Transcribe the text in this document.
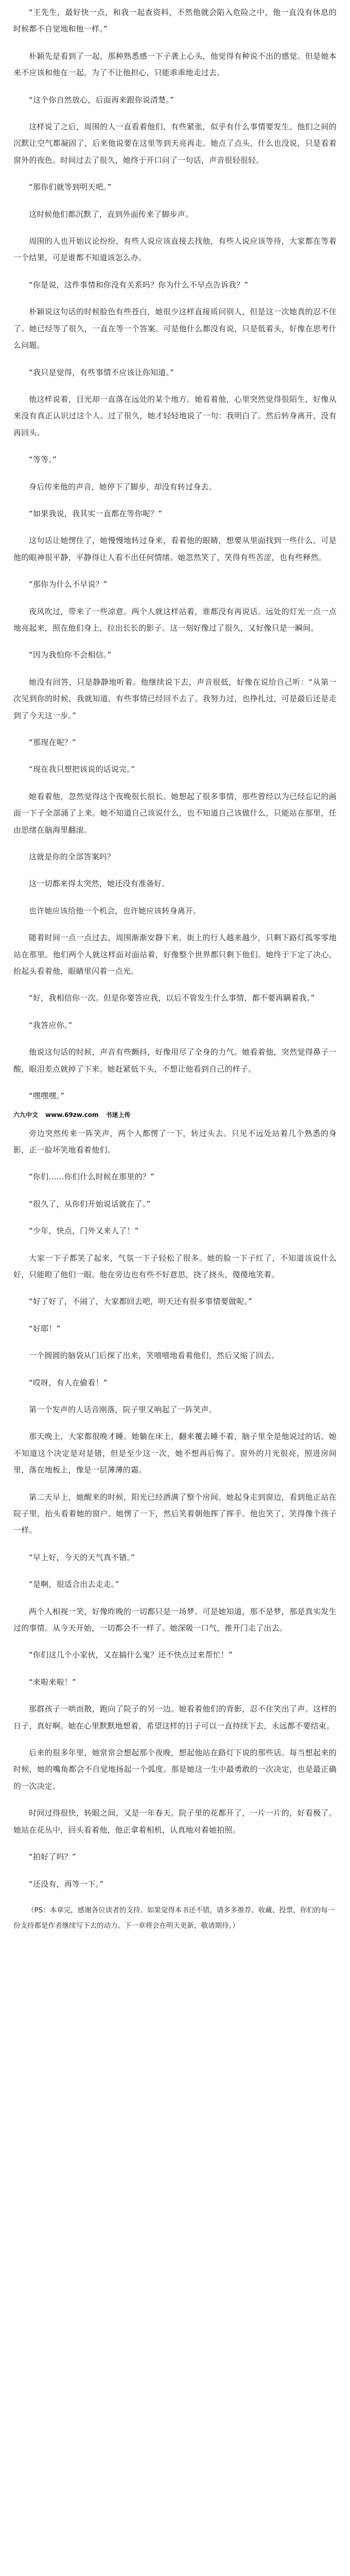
“王先生，最好快一点，和我一起查资料，不然他就会陷入危险之中，他一直没有休息的时候都不自觉地和他一样。”

朴颖先是看到了一起，那种熟悉感一下子袭上心头，他觉得有种说不出的感觉。但是她本来不应该和他在一起。为了不让他担心，只能乖乖地走过去。

“这个你自然放心，后面再来跟你说清楚。”

这样说了之后，周围的人一直看着他们，有些紧张，似乎有什么事情要发生。他们之间的沉默让空气都凝固了，后来他说要在这里等到天亮再走。她点了点头，什么也没说，只是看着窗外的夜色。时间过去了很久，她终于开口问了一句话，声音很轻很轻。

“那你们就等到明天吧。”

这时候他们都沉默了，直到外面传来了脚步声。

周围的人也开始议论纷纷，有些人说应该直接去找他，有些人说应该等待，大家都在等着一个结果，可是谁都不知道该怎么办。

“你是说，这件事情和你没有关系吗？你为什么不早点告诉我？”

朴颖说这句话的时候脸色有些苍白，她很少这样直接质问别人，但是这一次她真的忍不住了。她已经等了很久，一直在等一个答案。可是他什么都没有说，只是低着头，好像在思考什么问题。

“我只是觉得，有些事情不应该让你知道。”

他这样说着，目光却一直落在远处的某个地方。她看着他，心里突然觉得很陌生，好像从来没有真正认识过这个人。过了很久，她才轻轻地说了一句：我明白了。然后转身离开，没有再回头。

“等等。”

身后传来他的声音，她停下了脚步，却没有转过身去。

“如果我说，我其实一直都在等你呢？”

这句话让她愣住了，她慢慢地转过身来，看着他的眼睛，想要从里面找到一些什么。可是他的眼神很平静，平静得让人看不出任何情绪。她忽然笑了，笑得有些苦涩，也有些释然。

“那你为什么不早说？”

夜风吹过，带来了一些凉意。两个人就这样站着，谁都没有再说话。远处的灯光一点一点地亮起来，照在他们身上，拉出长长的影子。这一刻好像过了很久，又好像只是一瞬间。

“因为我怕你不会相信。”

她没有回答，只是静静地听着。他继续说下去，声音很低，好像在说给自己听：“从第一次见到你的时候，我就知道，有些事情已经回不去了。我努力过，也挣扎过，可是最后还是走到了今天这一步。”

“那现在呢？”

“现在我只想把该说的话说完。”

她看着他，忽然觉得这个夜晚很长很长。她想起了很多事情，那些曾经以为已经忘记的画面一下子全部涌了上来。她不知道自己该说什么，也不知道自己该做什么，只能站在那里，任由思绪在脑海里翻滚。

这就是你的全部答案吗？

这一切都来得太突然，她还没有准备好。

也许她应该给他一个机会，也许她应该转身离开。

随着时间一点一点过去，周围渐渐安静下来。街上的行人越来越少，只剩下路灯孤零零地站在那里。他们两个人就这样面对面站着，好像整个世界都只剩下他们。她终于下定了决心，抬起头看着他，眼睛里闪着一点光。

“好，我相信你一次。但是你要答应我，以后不管发生什么事情，都不要再瞒着我。”

“我答应你。”

他说这句话的时候，声音有些颤抖，好像用尽了全身的力气。她看着他，突然觉得鼻子一酸，眼泪差点就掉了下来。她赶紧低下头，不想让他看到自己的样子。

“嘿嘿嘿。”

六九中文 www.69zw.com 书迷上传

旁边突然传来一阵笑声，两个人都愣了一下，转过头去。只见不远处站着几个熟悉的身影，正一脸坏笑地看着他们。

“你们……你们什么时候在那里的？”

“很久了，从你们开始说话就在了。”

“少年，快点，门外又来人了！”

大家一下子都笑了起来，气氛一下子轻松了很多。她的脸一下子红了，不知道该说什么好，只能瞪了他们一眼。他在旁边也有些不好意思，挠了挠头，傻傻地笑着。

“好了好了，不闹了，大家都回去吧，明天还有很多事情要做呢。”

“好耶！”

一个圆圆的脑袋从门后探了出来，笑嘻嘻地看着他们，然后又缩了回去。

“哎呀，有人在偷看！”

第一个发声的人话音刚落，院子里又响起了一阵笑声。

那天晚上，大家都很晚才睡。她躺在床上，翻来覆去睡不着，脑子里全是他说过的话。她不知道这个决定是对是错，但是至少这一次，她不想再后悔了。窗外的月光很亮，照进房间里，落在地板上，像是一层薄薄的霜。

第二天早上，她醒来的时候，阳光已经洒满了整个房间。她起身走到窗边，看到他正站在院子里，抬头看着她的窗户。她愣了一下，然后笑着朝他挥了挥手。他也笑了，笑得像个孩子一样。

“早上好，今天的天气真不错。”

“是啊，很适合出去走走。”

两个人相视一笑，好像昨晚的一切都只是一场梦。可是她知道，那不是梦，那是真实发生过的事情。从今天开始，一切都会不一样了。她深吸一口气，推开门走了出去。

“你们这几个小家伙，又在搞什么鬼？还不快点过来帮忙！”

“来啦来啦！”

那群孩子一哄而散，跑向了院子的另一边。她看着他们的背影，忍不住笑出了声。这样的日子，真好啊。她在心里默默地想着，希望这样的日子可以一直持续下去，永远都不要结束。

后来的很多年里，她常常会想起那个夜晚，想起他站在路灯下说的那些话。每当想起来的时候，她的嘴角都会不自觉地扬起一个弧度。那是她这一生中最勇敢的一次决定，也是最正确的一次决定。

时间过得很快，转眼之间，又是一年春天。院子里的花都开了，一片一片的，好看极了。她站在花丛中，回头看着他，他正拿着相机，认真地对着她拍照。

“拍好了吗？”

“还没有，再等一下。”

（PS：本章完，感谢各位读者的支持。如果觉得本书还不错，请多多推荐、收藏、投票，你们的每一份支持都是作者继续写下去的动力。下一章将会在明天更新，敬请期待。）
